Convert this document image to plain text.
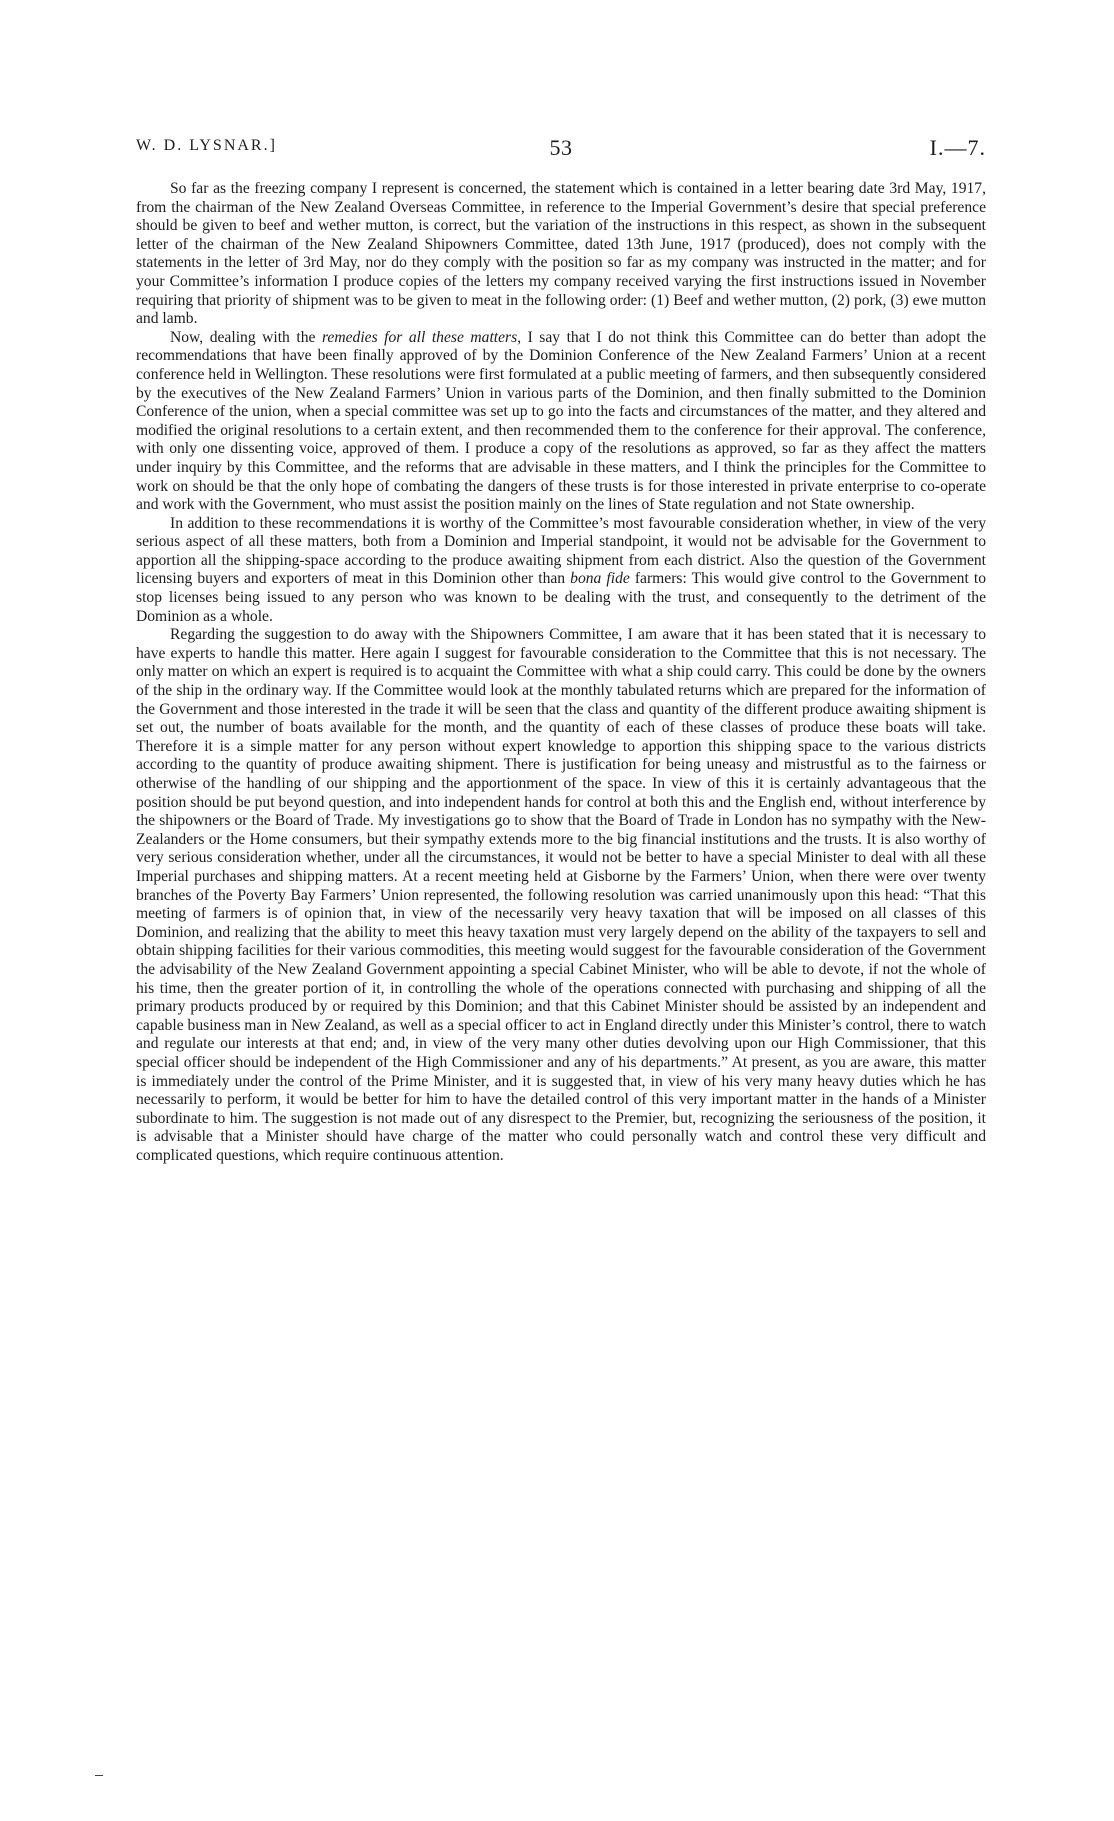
W. D. LYSNAR.]	53	I.—7.

So far as the freezing company I represent is concerned, the statement which is contained in a letter bearing date 3rd May, 1917, from the chairman of the New Zealand Overseas Committee, in reference to the Imperial Government’s desire that special preference should be given to beef and wether mutton, is correct, but the variation of the instructions in this respect, as shown in the subsequent letter of the chairman of the New Zealand Shipowners Committee, dated 13th June, 1917 (produced), does not comply with the statements in the letter of 3rd May, nor do they comply with the position so far as my company was instructed in the matter; and for your Committee’s information I produce copies of the letters my company received varying the first instructions issued in November requiring that priority of shipment was to be given to meat in the following order: (1) Beef and wether mutton, (2) pork, (3) ewe mutton and lamb.

Now, dealing with the remedies for all these matters, I say that I do not think this Committee can do better than adopt the recommendations that have been finally approved of by the Dominion Conference of the New Zealand Farmers’ Union at a recent conference held in Wellington. These resolutions were first formulated at a public meeting of farmers, and then subsequently considered by the executives of the New Zealand Farmers’ Union in various parts of the Dominion, and then finally submitted to the Dominion Conference of the union, when a special committee was set up to go into the facts and circumstances of the matter, and they altered and modified the original resolutions to a certain extent, and then recommended them to the conference for their approval. The conference, with only one dissenting voice, approved of them. I produce a copy of the resolutions as approved, so far as they affect the matters under inquiry by this Committee, and the reforms that are advisable in these matters, and I think the principles for the Committee to work on should be that the only hope of combating the dangers of these trusts is for those interested in private enterprise to co-operate and work with the Government, who must assist the position mainly on the lines of State regulation and not State ownership.

In addition to these recommendations it is worthy of the Committee’s most favourable consideration whether, in view of the very serious aspect of all these matters, both from a Dominion and Imperial standpoint, it would not be advisable for the Government to apportion all the shipping-space according to the produce awaiting shipment from each district. Also the question of the Government licensing buyers and exporters of meat in this Dominion other than bona fide farmers: This would give control to the Government to stop licenses being issued to any person who was known to be dealing with the trust, and consequently to the detriment of the Dominion as a whole.

Regarding the suggestion to do away with the Shipowners Committee, I am aware that it has been stated that it is necessary to have experts to handle this matter. Here again I suggest for favourable consideration to the Committee that this is not necessary. The only matter on which an expert is required is to acquaint the Committee with what a ship could carry. This could be done by the owners of the ship in the ordinary way. If the Committee would look at the monthly tabulated returns which are prepared for the information of the Government and those interested in the trade it will be seen that the class and quantity of the different produce awaiting shipment is set out, the number of boats available for the month, and the quantity of each of these classes of produce these boats will take. Therefore it is a simple matter for any person without expert knowledge to apportion this shipping space to the various districts according to the quantity of produce awaiting shipment. There is justification for being uneasy and mistrustful as to the fairness or otherwise of the handling of our shipping and the apportionment of the space. In view of this it is certainly advantageous that the position should be put beyond question, and into independent hands for control at both this and the English end, without interference by the shipowners or the Board of Trade. My investigations go to show that the Board of Trade in London has no sympathy with the New-Zealanders or the Home consumers, but their sympathy extends more to the big financial institutions and the trusts. It is also worthy of very serious consideration whether, under all the circumstances, it would not be better to have a special Minister to deal with all these Imperial purchases and shipping matters. At a recent meeting held at Gisborne by the Farmers’ Union, when there were over twenty branches of the Poverty Bay Farmers’ Union represented, the following resolution was carried unanimously upon this head: “That this meeting of farmers is of opinion that, in view of the necessarily very heavy taxation that will be imposed on all classes of this Dominion, and realizing that the ability to meet this heavy taxation must very largely depend on the ability of the taxpayers to sell and obtain shipping facilities for their various commodities, this meeting would suggest for the favourable consideration of the Government the advisability of the New Zealand Government appointing a special Cabinet Minister, who will be able to devote, if not the whole of his time, then the greater portion of it, in controlling the whole of the operations connected with purchasing and shipping of all the primary products produced by or required by this Dominion; and that this Cabinet Minister should be assisted by an independent and capable business man in New Zealand, as well as a special officer to act in England directly under this Minister’s control, there to watch and regulate our interests at that end; and, in view of the very many other duties devolving upon our High Commissioner, that this special officer should be independent of the High Commissioner and any of his departments.” At present, as you are aware, this matter is immediately under the control of the Prime Minister, and it is suggested that, in view of his very many heavy duties which he has necessarily to perform, it would be better for him to have the detailed control of this very important matter in the hands of a Minister subordinate to him. The suggestion is not made out of any disrespect to the Premier, but, recognizing the seriousness of the position, it is advisable that a Minister should have charge of the matter who could personally watch and control these very difficult and complicated questions, which require continuous attention.
